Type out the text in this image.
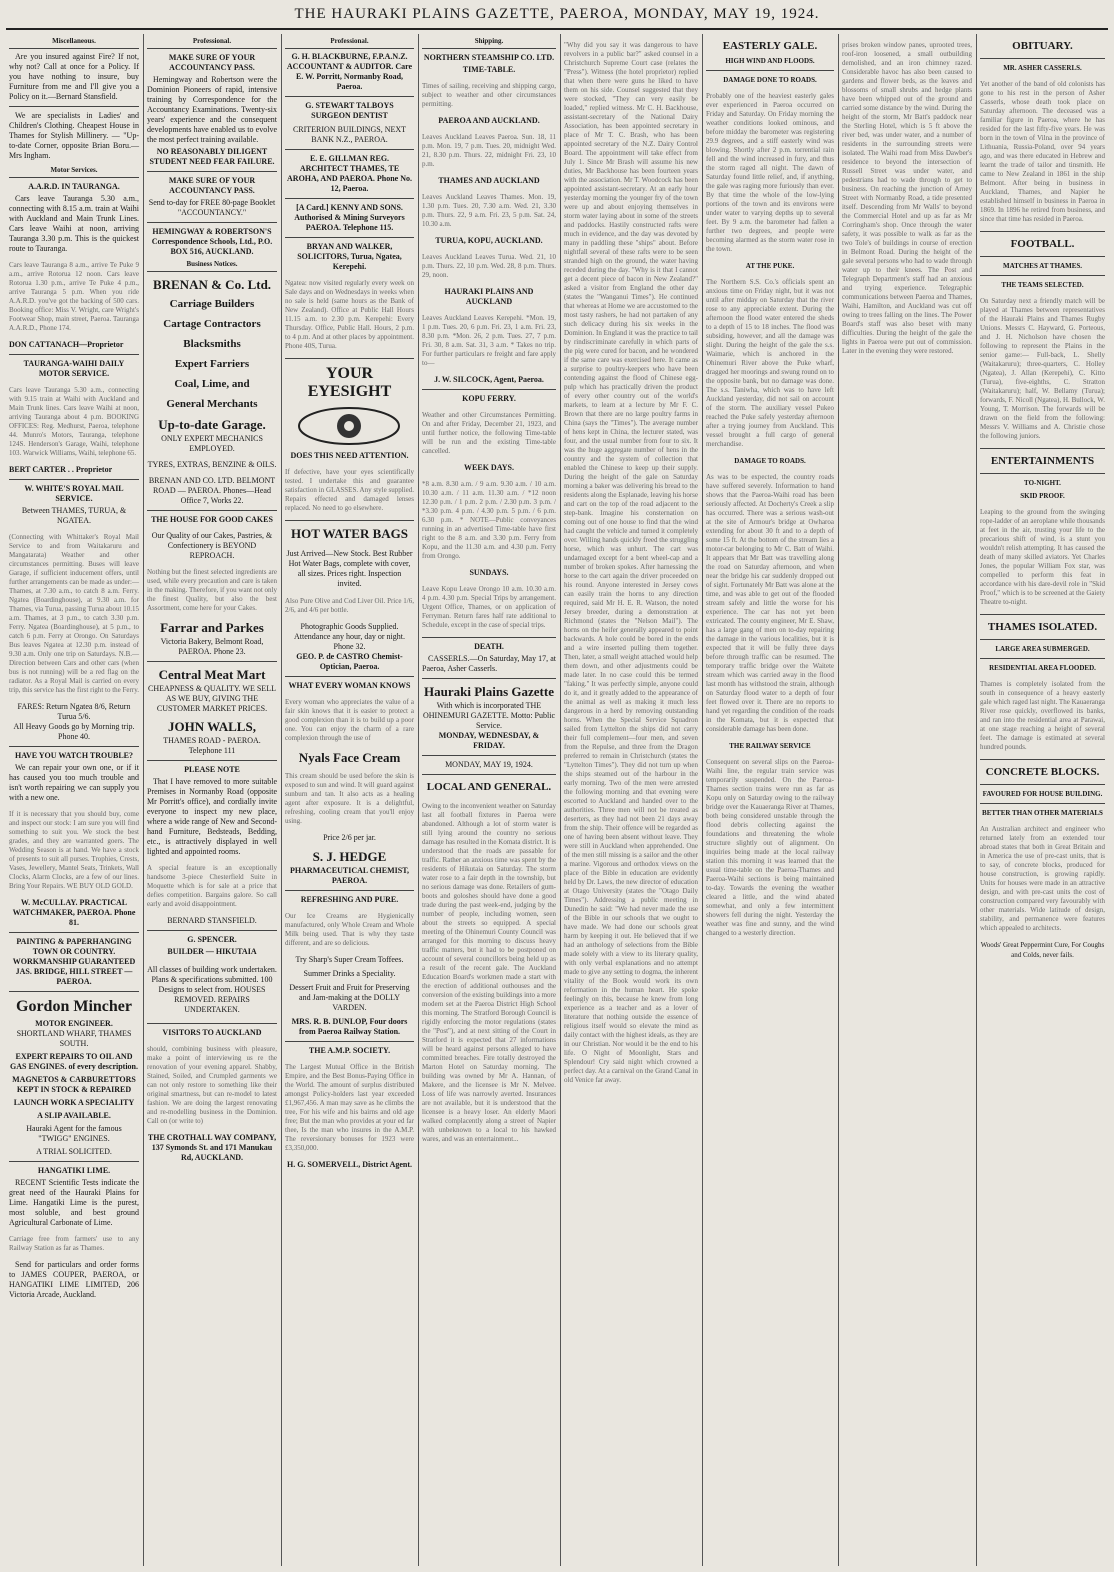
THE HAURAKI PLAINS GAZETTE, PAEROA, MONDAY, MAY 19, 1924.
Miscellaneous.

Are you insured against Fire? If not, why not? Call at once for a Policy. If you have nothing to insure, buy Furniture from me and I'll give you a Policy on it.—Bernard Stansfield.

We are specialists in Ladies' and Children's Clothing. Cheapest House in Thames for Stylish Millinery. — "Up-to-date Corner, opposite Brian Boru.—Mrs Ingham.

Motor Services.
A.A.R.D. IN TAURANGA.

Cars leave Tauranga 5.30 a.m., connecting with 8.15 a.m. train at Waihi with Auckland and Main Trunk Lines. Cars leave Waihi at noon, arriving Tauranga 3.30 p.m. This is the quickest route to Tauranga.

Cars leave Tauranga 8 a.m., arrive Te Puke 9 a.m., arrive Rotorua 12 noon. Cars leave Rotorua 1.30 p.m., arrive Te Puke 4 p.m., arrive Tauranga 5 p.m. When you ride A.A.R.D. you've got the backing of 500 cars. Booking office: Miss V. Wright, care Wright's Footwear Shop, main street, Paeroa. Tauranga A.A.R.D., Phone 174.

DON CATTANACH—Proprietor
TAURANGA-WAIHI DAILY MOTOR SERVICE.

Cars leave Tauranga 5.30 a.m., connecting with 9.15 train at Waihi with Auckland and Main Trunk lines. Cars leave Waihi at noon, arriving Tauranga about 4 p.m. BOOKING OFFICES: Reg. Medhurst, Paeroa, telephone 44. Munro's Motors, Tauranga, telephone 124S. Henderson's Garage, Waihi, telephone 103. Warwick Williams, Waihi, telephone 65.

BERT CARTER . . Proprietor
W. WHITE'S ROYAL MAIL SERVICE.
Between THAMES, TURUA, & NGATEA.

(Connecting with Whittaker's Royal Mail Service to and from Waitakaruru and Mangatarata) Weather and other circumstances permitting. Buses will leave Garage, if sufficient inducement offers, until further arrangements can be made as under:— Thames, at 7.30 a.m., to catch 8 a.m. Ferry. Ngatea (Boardinghouse), at 9.30 a.m. for Thames, via Turua, passing Turua about 10.15 a.m. Thames, at 3 p.m., to catch 3.30 p.m. Ferry. Ngatea (Boardinghouse), at 5 p.m., to catch 6 p.m. Ferry at Orongo. On Saturdays Bus leaves Ngatea at 12.30 p.m. instead of 9.30 a.m. Only one trip on Saturdays. N.B.—Direction between Cars and other cars (when bus is not running) will be a red flag on the radiator. As a Royal Mail is carried on every trip, this service has the first right to the Ferry.

FARES: Return Ngatea 8/6, Return Turua 5/6.
All Heavy Goods go by Morning trip. Phone 40.
HAVE YOU WATCH TROUBLE?

We can repair your own one, or if it has caused you too much trouble and isn't worth repairing we can supply you with a new one.

If it is necessary that you should buy, come and inspect our stock: I am sure you will find something to suit you. We stock the best grades, and they are warranted goers. The Wedding Season is at hand. We have a stock of presents to suit all purses. Trophies, Crests, Vases, Jewellery, Mantel Seats, Trinkets, Wall Clocks, Alarm Clocks, are a few of our lines. Bring Your Repairs. WE BUY OLD GOLD.

W. McCULLAY. PRACTICAL WATCHMAKER, PAEROA. Phone 81.
PAINTING & PAPERHANGING TOWN OR COUNTRY. WORKMANSHIP GUARANTEED JAS. BRIDGE, HILL STREET — PAEROA.
Gordon Mincher
MOTOR ENGINEER.
SHORTLAND WHARF, THAMES SOUTH.
EXPERT REPAIRS TO OIL AND GAS ENGINES. of every description.
MAGNETOS & CARBURETTORS KEPT IN STOCK & REPAIRED
LAUNCH WORK A SPECIALITY
A SLIP AVAILABLE.
Hauraki Agent for the famous "TWIGG" ENGINES.
A TRIAL SOLICITED.
HANGATIKI LIME.

RECENT Scientific Tests indicate the great need of the Hauraki Plains for Lime. Hangatiki Lime is the purest, most soluble, and best ground Agricultural Carbonate of Lime.

Carriage free from farmers' use to any Railway Station as far as Thames.

Send for particulars and order forms to JAMES COUPER, PAEROA, or HANGATIKI LIME LIMITED, 206 Victoria Arcade, Auckland.

Professional.
MAKE SURE OF YOUR ACCOUNTANCY PASS.

Hemingway and Robertson were the Dominion Pioneers of rapid, intensive training by Correspondence for the Accountancy Examinations. Twenty-six years' experience and the consequent developments have enabled us to evolve the most perfect training available.

NO REASONABLY DILIGENT STUDENT NEED FEAR FAILURE.
MAKE SURE OF YOUR ACCOUNTANCY PASS.
Send to-day for FREE 80-page Booklet "ACCOUNTANCY."
HEMINGWAY & ROBERTSON'S Correspondence Schools, Ltd., P.O. BOX 516, AUCKLAND.
Business Notices.
BRENAN & Co. Ltd.
Carriage Builders
Cartage Contractors
Blacksmiths
Expert Farriers
Coal, Lime, and
General Merchants
Up-to-date Garage.
ONLY EXPERT MECHANICS EMPLOYED.
TYRES, EXTRAS, BENZINE & OILS.
BRENAN AND CO. LTD. BELMONT ROAD — PAEROA. Phones—Head Office 7, Works 22.
THE HOUSE FOR GOOD CAKES
Our Quality of our Cakes, Pastries, & Confectionery is BEYOND REPROACH.

Nothing but the finest selected ingredients are used, while every precaution and care is taken in the making. Therefore, if you want not only the finest Quality, but also the best Assortment, come here for your Cakes.

Farrar and Parkes
Victoria Bakery, Belmont Road, PAEROA. Phone 23.
Central Meat Mart
CHEAPNESS & QUALITY. WE SELL AS WE BUY, GIVING THE CUSTOMER MARKET PRICES.
JOHN WALLS,
THAMES ROAD - PAEROA. Telephone 111
PLEASE NOTE

That I have removed to more suitable Premises in Normanby Road (opposite Mr Porritt's office), and cordially invite everyone to inspect my new place, where a wide range of New and Second-hand Furniture, Bedsteads, Bedding, etc., is attractively displayed in well lighted and appointed rooms.

A special feature is an exceptionally handsome 3-piece Chesterfield Suite in Moquette which is for sale at a price that defies competition. Bargains galore. So call early and avoid disappointment.

BERNARD STANSFIELD.
G. SPENCER.
BUILDER — HIKUTAIA

All classes of building work undertaken. Plans & specifications submitted. 100 Designs to select from. HOUSES REMOVED. REPAIRS UNDERTAKEN.

VISITORS TO AUCKLAND

should, combining business with pleasure, make a point of interviewing us re the renovation of your evening apparel. Shabby, Stained, Soiled, and Crumpled garments we can not only restore to something like their original smartness, but can re-model to latest fashion. We are doing the largest renovating and re-modelling business in the Dominion. Call on (or write to)

THE CROTHALL WAY COMPANY, 137 Symonds St. and 171 Manukau Rd, AUCKLAND.
Professional.
G. H. BLACKBURNE, F.P.A.N.Z. ACCOUNTANT & AUDITOR. Care E. W. Porritt, Normanby Road, Paeroa.
G. STEWART TALBOYS SURGEON DENTIST
CRITERION BUILDINGS, NEXT BANK N.Z., PAEROA.
E. E. GILLMAN REG. ARCHITECT THAMES, TE AROHA, AND PAEROA. Phone No. 12, Paeroa.
[A Card.] KENNY AND SONS. Authorised & Mining Surveyors PAEROA. Telephone 115.
BRYAN AND WALKER, SOLICITORS, Turua, Ngatea, Kerepehi.

Ngatea: now visited regularly every week on Sale days and on Wednesdays in weeks when no sale is held (same hours as the Bank of New Zealand). Office at Public Hall Hours 11.15 a.m. to 2.30 p.m. Kerepehi: Every Thursday. Office, Public Hall. Hours, 2 p.m. to 4 p.m. And at other places by appointment. Phone 40S, Turua.

YOUR EYESIGHT
DOES THIS NEED ATTENTION.

If defective, have your eyes scientifically tested. I undertake this and guarantee satisfaction in GLASSES. Any style supplied. Repairs effected and damaged lenses replaced. No need to go elsewhere.

HOT WATER BAGS

Just Arrived—New Stock. Best Rubber Hot Water Bags, complete with cover, all sizes. Prices right. Inspection invited.

Also Pure Olive and Cod Liver Oil. Price 1/6, 2/6, and 4/6 per bottle.

Photographic Goods Supplied. Attendance any hour, day or night. Phone 32.
GEO. P. de CASTRO Chemist-Optician, Paeroa.
WHAT EVERY WOMAN KNOWS

Every woman who appreciates the value of a fair skin knows that it is easier to protect a good complexion than it is to build up a poor one. You can enjoy the charm of a rare complexion through the use of

Nyals Face Cream

This cream should be used before the skin is exposed to sun and wind. It will guard against sunburn and tan. It also acts as a healing agent after exposure. It is a delightful, refreshing, cooling cream that you'll enjoy using.

Price 2/6 per jar.
S. J. HEDGE
PHARMACEUTICAL CHEMIST, PAEROA.
REFRESHING AND PURE.

Our Ice Creams are Hygienically manufactured, only Whole Cream and Whole Milk being used. That is why they taste different, and are so delicious.

Try Sharp's Super Cream Toffees.
Summer Drinks a Speciality.
Dessert Fruit and Fruit for Preserving and Jam-making at the DOLLY VARDEN.
MRS. R. B. DUNLOP, Four doors from Paeroa Railway Station.
THE A.M.P. SOCIETY.

The Largest Mutual Office in the British Empire, and the Best Bonus-Paying Office in the World. The amount of surplus distributed amongst Policy-holders last year exceeded £1,967,456. A man may save as he climbs the tree, For his wife and his bairns and old age free; But the man who provides at your ed far thee, Is the man who insures in the A.M.P. The reversionary bonuses for 1923 were £3,350,000.

H. G. SOMERVELL, District Agent.
Shipping.
NORTHERN STEAMSHIP CO. LTD.
TIME-TABLE.

Times of sailing, receiving and shipping cargo, subject to weather and other circumstances permitting.

PAEROA AND AUCKLAND.

Leaves Auckland Leaves Paeroa. Sun. 18, 11 p.m. Mon. 19, 7 p.m. Tues. 20, midnight Wed. 21, 8.30 p.m. Thurs. 22, midnight Fri. 23, 10 p.m.

THAMES AND AUCKLAND

Leaves Auckland Leaves Thames. Mon. 19, 1.30 p.m. Tues. 20, 7.30 a.m. Wed. 21, 3.30 p.m. Thurs. 22, 9 a.m. Fri. 23, 5 p.m. Sat. 24, 10.30 a.m.

TURUA, KOPU, AUCKLAND.

Leaves Auckland Leaves Turua. Wed. 21, 10 p.m. Thurs. 22, 10 p.m. Wed. 28, 8 p.m. Thurs. 29, noon.

HAURAKI PLAINS AND AUCKLAND

Leaves Auckland Leaves Kerepehi. *Mon. 19, 1 p.m. Tues. 20, 6 p.m. Fri. 23, 1 a.m. Fri. 23, 8.30 p.m. *Mon. 26, 2 p.m. Tues. 27, 7 p.m. Fri. 30, 8 a.m. Sat. 31, 3 a.m. * Takes no trip. For further particulars re freight and fare apply to—

J. W. SILCOCK, Agent, Paeroa.
KOPU FERRY.

Weather and other Circumstances Permitting. On and after Friday, December 21, 1923, and until further notice, the following Time-table will be run and the existing Time-table cancelled.

WEEK DAYS.

*8 a.m. 8.30 a.m. / 9 a.m. 9.30 a.m. / 10 a.m. 10.30 a.m. / 11 a.m. 11.30 a.m. / *12 noon 12.30 p.m. / 1 p.m. 2 p.m. / 2.30 p.m. 3 p.m. / *3.30 p.m. 4 p.m. / 4.30 p.m. 5 p.m. / 6 p.m. 6.30 p.m. * NOTE—Public conveyances running in an advertised Time-table have first right to the 8 a.m. and 3.30 p.m. Ferry from Kopu, and the 11.30 a.m. and 4.30 p.m. Ferry from Orongo.

SUNDAYS.

Leave Kopu Leave Orongo 10 a.m. 10.30 a.m. 4 p.m. 4.30 p.m. Special Trips by arrangement. Urgent Office, Thames, or on application of Ferryman. Return fares half rate additional to Schedule, except in the case of special trips.

DEATH.

CASSERLS.—On Saturday, May 17, at Paeroa, Asher Casserls.

Hauraki Plains Gazette
With which is incorporated THE OHINEMURI GAZETTE. Motto: Public Service.
MONDAY, WEDNESDAY, & FRIDAY.
MONDAY, MAY 19, 1924.
LOCAL AND GENERAL.

Owing to the inconvenient weather on Saturday last all football fixtures in Paeroa were abandoned. Although a lot of storm water is still lying around the country no serious damage has resulted in the Komata district. It is understood that the roads are passable for traffic. Rather an anxious time was spent by the residents of Hikutaia on Saturday. The storm water rose to a fair depth in the township, but no serious damage was done. Retailers of gum-boots and goloshes should have done a good trade during the past week-end, judging by the number of people, including women, seen about the streets so equipped. A special meeting of the Ohinemuri County Council was arranged for this morning to discuss heavy traffic matters, but it had to be postponed on account of several councillors being held up as a result of the recent gale. The Auckland Education Board's workmen made a start with the erection of additional outhouses and the conversion of the existing buildings into a more modern set at the Paeroa District High School this morning. The Stratford Borough Council is rigidly enforcing the motor regulations (states the "Post"), and at next sitting of the Court in Stratford it is expected that 27 informations will be heard against persons alleged to have committed breaches. Fire totally destroyed the Marton Hotel on Saturday morning. The building was owned by Mr A. Hannan, of Makere, and the licensee is Mr N. Melvee. Loss of life was narrowly averted. Insurances are not available, but it is understood that the licensee is a heavy loser. An elderly Maori walked complacently along a street of Napier with unbeknown to a local to his hawked wares, and was an entertainment...

"Why did you say it was dangerous to have revolvers in a public bar?" asked counsel in a Christchurch Supreme Court case (relates the "Press"). Witness (the hotel proprietor) replied that when there were guns he liked to have them on his side. Counsel suggested that they were stocked, "They can very easily be loaded," replied witness. Mr C. H. Backhouse, assistant-secretary of the National Dairy Association, has been appointed secretary in place of Mr T. C. Brash, who has been appointed secretary of the N.Z. Dairy Control Board. The appointment will take effect from July 1. Since Mr Brash will assume his new duties, Mr Backhouse has been fourteen years with the association. Mr T. Woodcock has been appointed assistant-secretary. At an early hour yesterday morning the younger fry of the town were up and about enjoying themselves in storm water laying about in some of the streets and paddocks. Hastily constructed rafts were much in evidence, and the day was devoted by many in paddling these "ships" about. Before nightfall several of these rafts were to be seen stranded high on the ground, the water having receded during the day. "Why is it that I cannot get a decent piece of bacon in New Zealand?" asked a visitor from England the other day (states the "Wanganui Times"). He continued that whereas at Home we are accustomed to the most tasty rashers, he had not partaken of any such delicacy during his six weeks in the Dominion. In England it was the practice to tail by rindiscriminate carefully in which parts of the pig were cured for bacon, and he wondered if the same care was exercised here. It came as a surprise to poultry-keepers who have been contending against the flood of Chinese egg-pulp which has practically driven the product of every other country out of the world's markets, to learn at a lecture by Mr F. C. Brown that there are no large poultry farms in China (says the "Times"). The average number of hens kept in China, the lecturer stated, was four, and the usual number from four to six. It was the huge aggregate number of hens in the country and the system of collection that enabled the Chinese to keep up their supply. During the height of the gale on Saturday morning a baker was delivering his bread to the residents along the Esplanade, leaving his horse and cart on the top of the road adjacent to the step-bank. Imagine his consternation on coming out of one house to find that the wind had caught the vehicle and turned it completely over. Willing hands quickly freed the struggling horse, which was unhurt. The cart was undamaged except for a bent wheel-cap and a number of broken spokes. After harnessing the horse to the cart again the driver proceeded on his round. Anyone interested in Jersey cows can easily train the horns to any direction required, said Mr H. E. R. Watson, the noted Jersey breeder, during a demonstration at Richmond (states the "Nelson Mail"). The horns on the heifer generally appeared to point backwards. A hole could be bored in the ends and a wire inserted pulling them together. Then, later, a small weight attached would help them down, and other adjustments could be made later. In no case could this be termed "faking." It was perfectly simple, anyone could do it, and it greatly added to the appearance of the animal as well as making it much less dangerous in a herd by removing outstanding horns. When the Special Service Squadron sailed from Lyttelton the ships did not carry their full complement—four men, and seven from the Repulse, and three from the Dragon preferred to remain in Christchurch (states the "Lyttelton Times"). They did not turn up when the ships steamed out of the harbour in the early morning. Two of the men were arrested the following morning and that evening were escorted to Auckland and handed over to the authorities. Three men will not be treated as deserters, as they had not been 21 days away from the ship. Their offence will be regarded as one of having been absent without leave. They were still in Auckland when apprehended. One of the men still missing is a sailor and the other a marine. Vigorous and orthodox views on the place of the Bible in education are evidently held by Dr. Laws, the new director of education at Otago University (states the "Otago Daily Times"). Addressing a public meeting in Dunedin he said: "We had never made the use of the Bible in our schools that we ought to have made. We had done our schools great harm by keeping it out. He believed that if we had an anthology of selections from the Bible made solely with a view to its literary quality, with only verbal explanations and no attempt made to give any setting to dogma, the inherent vitality of the Book would work its own reformation in the human heart. He spoke feelingly on this, because he knew from long experience as a teacher and as a lover of literature that nothing outside the essence of religious itself would so elevate the mind as daily contact with the highest ideals, as they are in our Christian. Nor would it be the end to his life. O Night of Moonlight, Stars and Splendour! Cry said night which crowned a perfect day. At a carnival on the Grand Canal in old Venice far away.

EASTERLY GALE.
HIGH WIND AND FLOODS.
DAMAGE DONE TO ROADS.

Probably one of the heaviest easterly gales ever experienced in Paeroa occurred on Friday and Saturday. On Friday morning the weather conditions looked ominous, and before midday the barometer was registering 29.9 degrees, and a stiff easterly wind was blowing. Shortly after 2 p.m. torrential rain fell and the wind increased in fury, and thus the storm raged all night. The dawn of Saturday found little relief, and, if anything, the gale was raging more furiously than ever. By that time the whole of the low-lying portions of the town and its environs were under water to varying depths up to several feet. By 9 a.m. the barometer had fallen a further two degrees, and people were becoming alarmed as the storm water rose in the town.

AT THE PUKE.

The Northern S.S. Co.'s officials spent an anxious time on Friday night, but it was not until after midday on Saturday that the river rose to any appreciable extent. During the afternoon the flood water entered the sheds to a depth of 15 to 18 inches. The flood was subsiding, however, and all the damage was slight. During the height of the gale the s.s. Waimarie, which is anchored in the Ohinemuri River above the Puke wharf, dragged her moorings and swung round on to the opposite bank, but no damage was done. The s.s. Taniwha, which was to have left Auckland yesterday, did not sail on account of the storm. The auxiliary vessel Pukeo reached the Puke safely yesterday afternoon after a trying journey from Auckland. This vessel brought a full cargo of general merchandise.

DAMAGE TO ROADS.

As was to be expected, the country roads have suffered severely. Information to hand shows that the Paeroa-Waihi road has been seriously affected. At Docherty's Creek a slip has occurred. There was a serious wash-out at the site of Armour's bridge at Owharoa extending for about 30 ft and to a depth of some 15 ft. At the bottom of the stream lies a motor-car belonging to Mr C. Batt of Waihi. It appears that Mr Batt was travelling along the road on Saturday afternoon, and when near the bridge his car suddenly dropped out of sight. Fortunately Mr Batt was alone at the time, and was able to get out of the flooded stream safely and little the worse for his experience. The car has not yet been extricated. The county engineer, Mr E. Shaw, has a large gang of men on to-day repairing the damage in the various localities, but it is expected that it will be fully three days before through traffic can be resumed. The temporary traffic bridge over the Waitete stream which was carried away in the flood last month has withstood the strain, although on Saturday flood water to a depth of four feet flowed over it. There are no reports to hand yet regarding the condition of the roads in the Komata, but it is expected that considerable damage has been done.

THE RAILWAY SERVICE

Consequent on several slips on the Paeroa-Waihi line, the regular train service was temporarily suspended. On the Paeroa-Thames section trains were run as far as Kopu only on Saturday owing to the railway bridge over the Kauaeranga River at Thames, both being considered unstable through the flood debris collecting against the foundations and threatening the whole structure slightly out of alignment. On inquiries being made at the local railway station this morning it was learned that the usual time-table on the Paeroa-Thames and Paeroa-Waihi sections is being maintained to-day. Towards the evening the weather cleared a little, and the wind abated somewhat, and only a few intermittent showers fell during the night. Yesterday the weather was fine and sunny, and the wind changed to a westerly direction.

prises broken window panes, uprooted trees, roof-iron loosened, a small outbuilding demolished, and an iron chimney razed. Considerable havoc has also been caused to gardens and flower beds, as the leaves and blossoms of small shrubs and hedge plants have been whipped out of the ground and carried some distance by the wind. During the height of the storm, Mr Batt's paddock near the Sterling Hotel, which is 5 ft above the river bed, was under water, and a number of residents in the surrounding streets were isolated. The Waihi road from Miss Dawber's residence to beyond the intersection of Russell Street was under water, and pedestrians had to wade through to get to business. On reaching the junction of Arney Street with Normanby Road, a tide presented itself. Descending from Mr Walls' to beyond the Commercial Hotel and up as far as Mr Corringham's shop. Once through the water safety, it was possible to walk as far as the two Tole's of buildings in course of erection in Belmont Road. During the height of the gale several persons who had to wade through water up to their knees. The Post and Telegraph Department's staff had an anxious and trying experience. Telegraphic communications between Paeroa and Thames, Waihi, Hamilton, and Auckland was cut off owing to trees falling on the lines. The Power Board's staff was also beset with many difficulties. During the height of the gale the lights in Paeroa were put out of commission. Later in the evening they were restored.

OBITUARY.
MR. ASHER CASSERLS.

Yet another of the band of old colonists has gone to his rest in the person of Asher Casserls, whose death took place on Saturday afternoon. The deceased was a familiar figure in Paeroa, where he has resided for the last fifty-five years. He was born in the town of Vilna in the province of Lithuania, Russia-Poland, over 94 years ago, and was there educated in Hebrew and learnt the trade of tailor and tinsmith. He came to New Zealand in 1861 in the ship Belmont. After being in business in Auckland, Thames, and Napier he established himself in business in Paeroa in 1869. In 1896 he retired from business, and since that time has resided in Paeroa.

FOOTBALL.
MATCHES AT THAMES.
THE TEAMS SELECTED.

On Saturday next a friendly match will be played at Thames between representatives of the Hauraki Plains and Thames Rugby Unions. Messrs C. Hayward, G. Porteous, and J. H. Nicholson have chosen the following to represent the Plains in the senior game:— Full-back, L. Shelly (Waitakaruru); three-quarters, C. Holley (Ngatea), J. Allan (Kerepehi), C. Kitto (Turua), five-eighths, C. Stratton (Waitakaruru); half, W. Bellamy (Turua); forwards, F. Nicoll (Ngatea), H. Bullock, W. Young, T. Morrison. The forwards will be drawn on the field from the following: Messrs V. Williams and A. Christie chose the following juniors.

ENTERTAINMENTS
TO-NIGHT.
SKID PROOF.

Leaping to the ground from the swinging rope-ladder of an aeroplane while thousands at feet in the air, trusting your life to the precarious shift of wind, is a stunt you wouldn't relish attempting. It has caused the death of many skilled aviators. Yet Charles Jones, the popular William Fox star, was compelled to perform this feat in accordance with his dare-devil role in "Skid Proof," which is to be screened at the Gaiety Theatre to-night.

THAMES ISOLATED.
LARGE AREA SUBMERGED.
RESIDENTIAL AREA FLOODED.

Thames is completely isolated from the south in consequence of a heavy easterly gale which raged last night. The Kauaeranga River rose quickly, overflowed its banks, and ran into the residential area at Parawai, at one stage reaching a height of several feet. The damage is estimated at several hundred pounds.

CONCRETE BLOCKS.
FAVOURED FOR HOUSE BUILDING.
BETTER THAN OTHER MATERIALS

An Australian architect and engineer who returned lately from an extended tour abroad states that both in Great Britain and in America the use of pre-cast units, that is to say, of concrete blocks, produced for house construction, is growing rapidly. Units for houses were made in an attractive design, and with pre-cast units the cost of construction compared very favourably with other materials. Wide latitude of design, stability, and permanence were features which appealed to architects.

Woods' Great Peppermint Cure, For Coughs and Colds, never fails.
